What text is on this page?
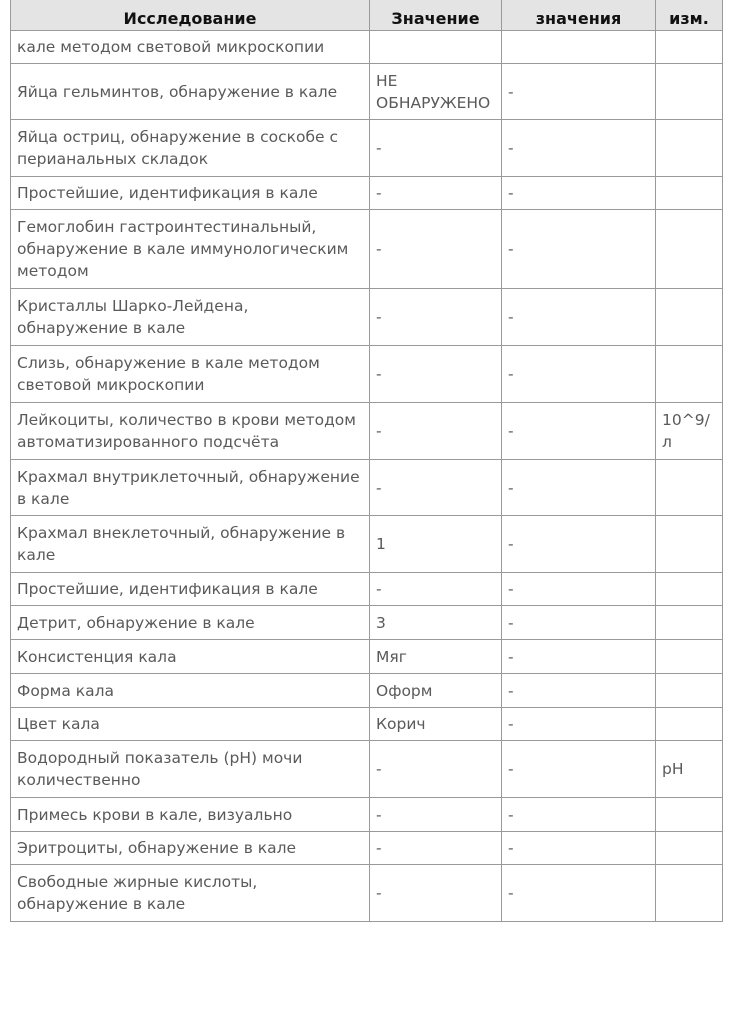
Исследование	Значение	значения	изм.
кале методом световой микроскопии			
Яйца гельминтов, обнаружение в кале	НЕ ОБНАРУЖЕНО	-	
Яйца остриц, обнаружение в соскобе с перианальных складок	-	-	
Простейшие, идентификация в кале	-	-	
Гемоглобин гастроинтестинальный, обнаружение в кале иммунологическим методом	-	-	
Кристаллы Шарко-Лейдена, обнаружение в кале	-	-	
Слизь, обнаружение в кале методом световой микроскопии	-	-	
Лейкоциты, количество в крови методом автоматизированного подсчёта	-	-	10^9/л
Крахмал внутриклеточный, обнаружение в кале	-	-	
Крахмал внеклеточный, обнаружение в кале	1	-	
Простейшие, идентификация в кале	-	-	
Детрит, обнаружение в кале	3	-	
Консистенция кала	Мяг	-	
Форма кала	Оформ	-	
Цвет кала	Корич	-	
Водородный показатель (pH) мочи количественно	-	-	pH
Примесь крови в кале, визуально	-	-	
Эритроциты, обнаружение в кале	-	-	
Свободные жирные кислоты, обнаружение в кале	-	-	
